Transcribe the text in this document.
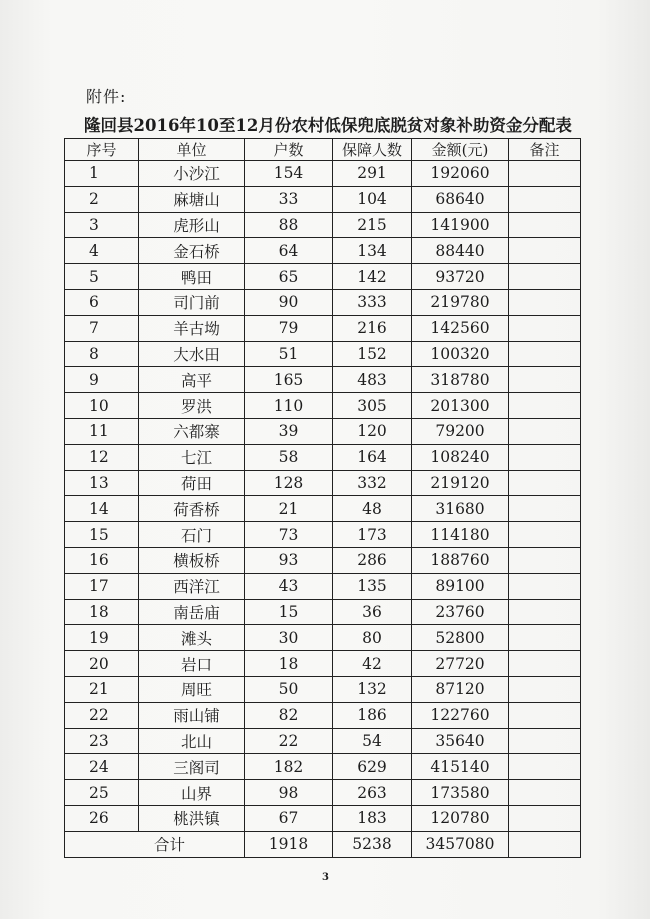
附件:
隆回县2016年10至12月份农村低保兜底脱贫对象补助资金分配表
序号	单位	户数	保障人数	金额(元)	备注
1	小沙江	154	291	192060	
2	麻塘山	33	104	68640	
3	虎形山	88	215	141900	
4	金石桥	64	134	88440	
5	鸭田	65	142	93720	
6	司门前	90	333	219780	
7	羊古坳	79	216	142560	
8	大水田	51	152	100320	
9	高平	165	483	318780	
10	罗洪	110	305	201300	
11	六都寨	39	120	79200	
12	七江	58	164	108240	
13	荷田	128	332	219120	
14	荷香桥	21	48	31680	
15	石门	73	173	114180	
16	横板桥	93	286	188760	
17	西洋江	43	135	89100	
18	南岳庙	15	36	23760	
19	滩头	30	80	52800	
20	岩口	18	42	27720	
21	周旺	50	132	87120	
22	雨山铺	82	186	122760	
23	北山	22	54	35640	
24	三阁司	182	629	415140	
25	山界	98	263	173580	
26	桃洪镇	67	183	120780	
合计		1918	5238	3457080	
3
